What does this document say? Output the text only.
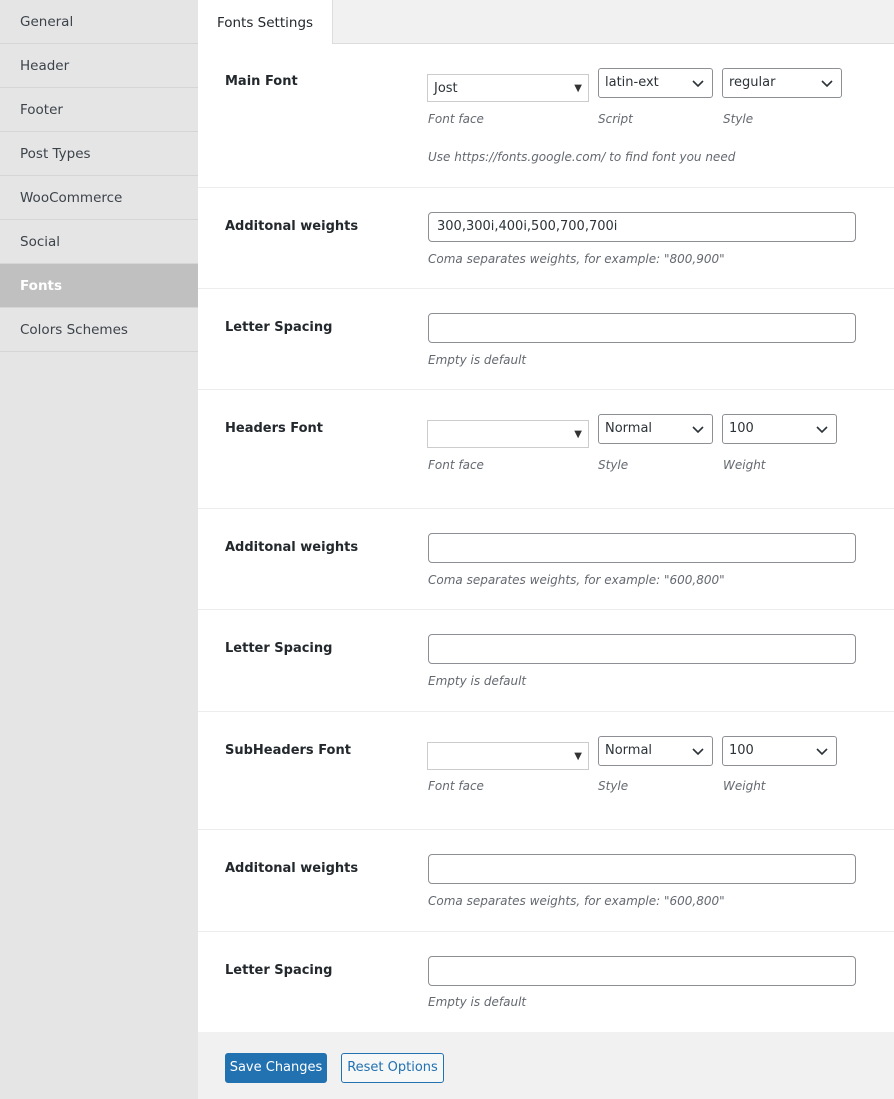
General
Header
Footer
Post Types
WooCommerce
Social
Fonts
Colors Schemes
Fonts Settings
Main Font	Jost	▼	latin-ext	regular
Font face	Script	Style
Use https://fonts.google.com/ to find font you need
Additonal weights	300,300i,400i,500,700,700i
Coma separates weights, for example: "800,900"
Letter Spacing
Empty is default
Headers Font	▼	Normal	100
Font face	Style	Weight
Additonal weights
Coma separates weights, for example: "600,800"
Letter Spacing
Empty is default
SubHeaders Font	▼	Normal	100
Font face	Style	Weight
Additonal weights
Coma separates weights, for example: "600,800"
Letter Spacing
Empty is default
Save Changes	Reset Options
